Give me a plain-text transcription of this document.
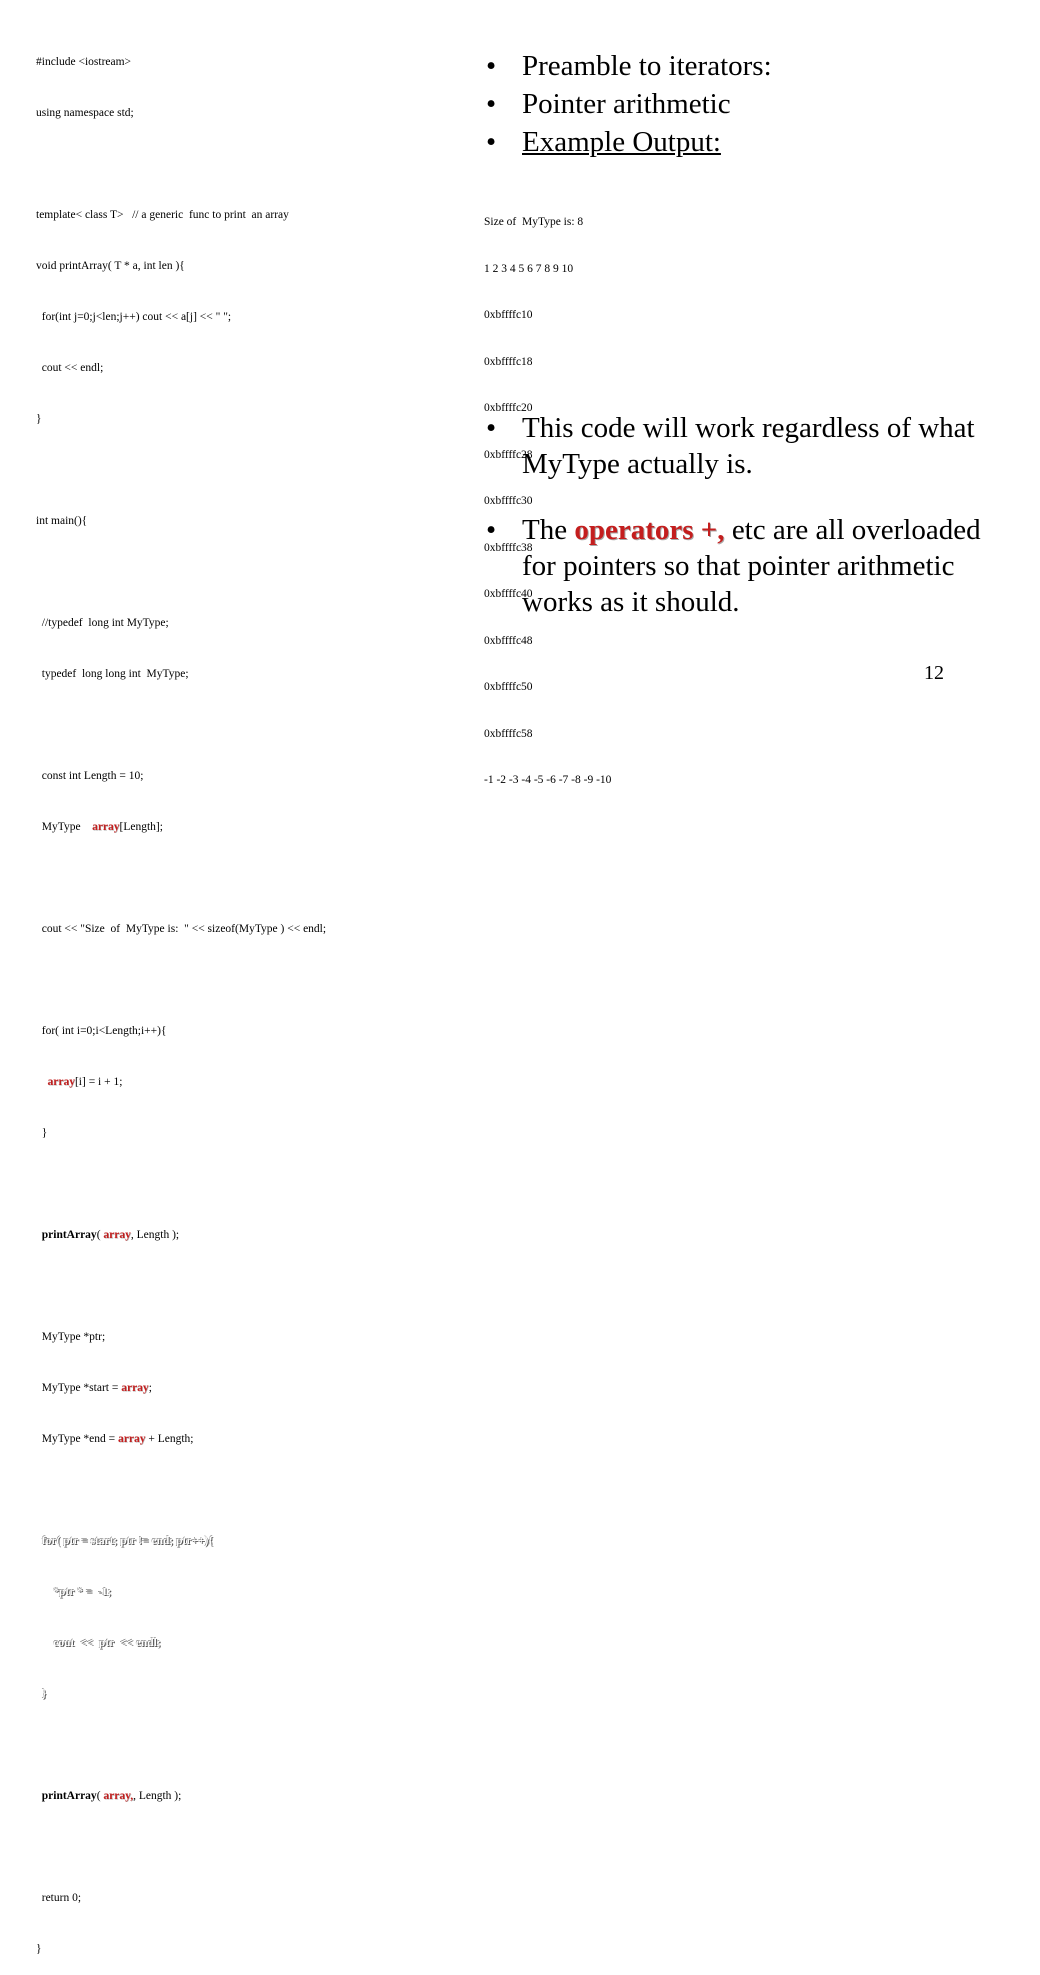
#include <iostream>

using namespace std;

template< class T>   // a generic  func to print  an array

void printArray( T * a, int len ){

for(int j=0;j<len;j++) cout << a[j] << " ";

cout << endl;

}

int main(){

//typedef  long int MyType;

typedef  long long int  MyType;

const int Length = 10;

MyType    array[Length];

cout << "Size  of  MyType is:  " << sizeof(MyType ) << endl;

for( int i=0;i<Length;i++){

array[i] = i + 1;

}

printArray( array, Length );

MyType *ptr;

MyType *start = array;

MyType *end = array + Length;

for( ptr = start; ptr != end; ptr++){

*ptr * =  -1;

cout  <<  ptr  << endl;

}

printArray( array,, Length );

return 0;

}

• Preamble to iterators:
• Pointer arithmetic
• Example Output:
• This code will work regardless of what MyType actually is.
• The operators +, etc are all overloaded for pointers so that pointer arithmetic works as it should.

Size of  MyType is: 8

1 2 3 4 5 6 7 8 9 10

0xbffffc10

0xbffffc18

0xbffffc20

0xbffffc28

0xbffffc30

0xbffffc38

0xbffffc40

0xbffffc48

0xbffffc50

0xbffffc58

-1 -2 -3 -4 -5 -6 -7 -8 -9 -10

12
